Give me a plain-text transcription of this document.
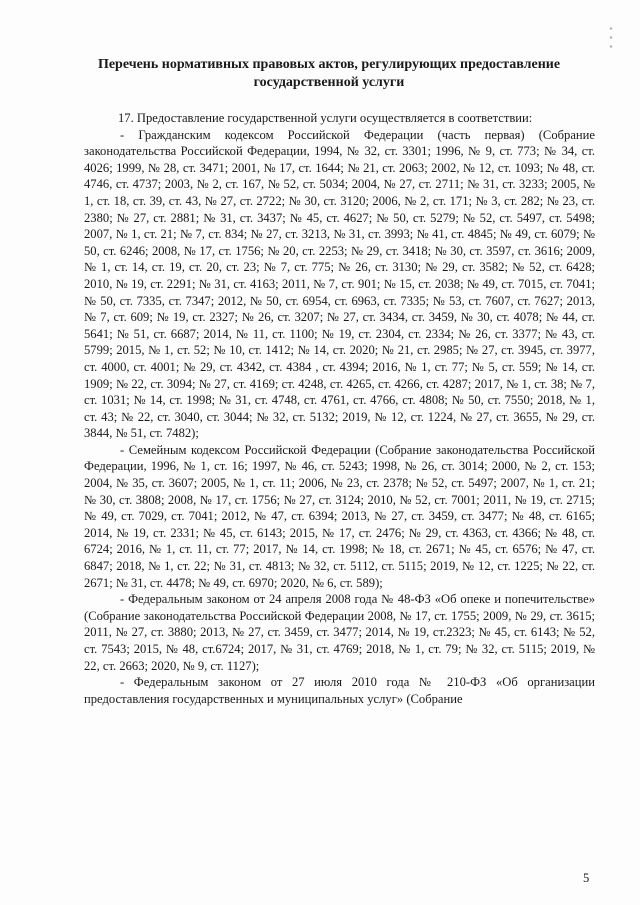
Перечень нормативных правовых актов, регулирующих предоставление государственной услуги

17. Предоставление государственной услуги осуществляется в соответствии:

- Гражданским кодексом Российской Федерации (часть первая) (Собрание законодательства Российской Федерации, 1994, № 32, ст. 3301; 1996, № 9, ст. 773; № 34, ст. 4026; 1999, № 28, ст. 3471; 2001, № 17, ст. 1644; № 21, ст. 2063; 2002, № 12, ст. 1093; № 48, ст. 4746, ст. 4737; 2003, № 2, ст. 167, № 52, ст. 5034; 2004, № 27, ст. 2711; № 31, ст. 3233; 2005, № 1, ст. 18, ст. 39, ст. 43, № 27, ст. 2722; № 30, ст. 3120; 2006, № 2, ст. 171; № 3, ст. 282; № 23, ст. 2380; № 27, ст. 2881; № 31, ст. 3437; № 45, ст. 4627; № 50, ст. 5279; № 52, ст. 5497, ст. 5498; 2007, № 1, ст. 21; № 7, ст. 834; № 27, ст. 3213, № 31, ст. 3993; № 41, ст. 4845; № 49, ст. 6079; № 50, ст. 6246; 2008, № 17, ст. 1756; № 20, ст. 2253; № 29, ст. 3418; № 30, ст. 3597, ст. 3616; 2009, № 1, ст. 14, ст. 19, ст. 20, ст. 23; № 7, ст. 775; № 26, ст. 3130; № 29, ст. 3582; № 52, ст. 6428; 2010, № 19, ст. 2291; № 31, ст. 4163; 2011, № 7, ст. 901; № 15, ст. 2038; № 49, ст. 7015, ст. 7041; № 50, ст. 7335, ст. 7347; 2012, № 50, ст. 6954, ст. 6963, ст. 7335; № 53, ст. 7607, ст. 7627; 2013, № 7, ст. 609; № 19, ст. 2327; № 26, ст. 3207; № 27, ст. 3434, ст. 3459, № 30, ст. 4078; № 44, ст. 5641; № 51, ст. 6687; 2014, № 11, ст. 1100; № 19, ст. 2304, ст. 2334; № 26, ст. 3377; № 43, ст. 5799; 2015, № 1, ст. 52; № 10, ст. 1412; № 14, ст. 2020; № 21, ст. 2985; № 27, ст. 3945, ст. 3977, ст. 4000, ст. 4001; № 29, ст. 4342, ст. 4384 , ст. 4394; 2016, № 1, ст. 77; № 5, ст. 559; № 14, ст. 1909; № 22, ст. 3094; № 27, ст. 4169; ст. 4248, ст. 4265, ст. 4266, ст. 4287; 2017, № 1, ст. 38; № 7, ст. 1031; № 14, ст. 1998; № 31, ст. 4748, ст. 4761, ст. 4766, ст. 4808; № 50, ст. 7550; 2018, № 1, ст. 43; № 22, ст. 3040, ст. 3044; № 32, ст. 5132; 2019, № 12, ст. 1224, № 27, ст. 3655, № 29, ст. 3844, № 51, ст. 7482);

- Семейным кодексом Российской Федерации (Собрание законодательства Российской Федерации, 1996, № 1, ст. 16; 1997, № 46, ст. 5243; 1998, № 26, ст. 3014; 2000, № 2, ст. 153; 2004, № 35, ст. 3607; 2005, № 1, ст. 11; 2006, № 23, ст. 2378; № 52, ст. 5497; 2007, № 1, ст. 21; № 30, ст. 3808; 2008, № 17, ст. 1756; № 27, ст. 3124; 2010, № 52, ст. 7001; 2011, № 19, ст. 2715; № 49, ст. 7029, ст. 7041; 2012, № 47, ст. 6394; 2013, № 27, ст. 3459, ст. 3477; № 48, ст. 6165; 2014, № 19, ст. 2331; № 45, ст. 6143; 2015, № 17, ст. 2476; № 29, ст. 4363, ст. 4366; № 48, ст. 6724; 2016, № 1, ст. 11, ст. 77; 2017, № 14, ст. 1998; № 18, ст. 2671; № 45, ст. 6576; № 47, ст. 6847; 2018, № 1, ст. 22; № 31, ст. 4813; № 32, ст. 5112, ст. 5115; 2019, № 12, ст. 1225; № 22, ст. 2671; № 31, ст. 4478; № 49, ст. 6970; 2020, № 6, ст. 589);

- Федеральным законом от 24 апреля 2008 года № 48-ФЗ «Об опеке и попечительстве» (Собрание законодательства Российской Федерации 2008, № 17, ст. 1755; 2009, № 29, ст. 3615; 2011, № 27, ст. 3880; 2013, № 27, ст. 3459, ст. 3477; 2014, № 19, ст.2323; № 45, ст. 6143; № 52, ст. 7543; 2015, № 48, ст.6724; 2017, № 31, ст. 4769; 2018, № 1, ст. 79; № 32, ст. 5115; 2019, № 22, ст. 2663; 2020, № 9, ст. 1127);

- Федеральным законом от 27 июля 2010 года № 210-ФЗ «Об организации предоставления государственных и муниципальных услуг» (Собрание

5
